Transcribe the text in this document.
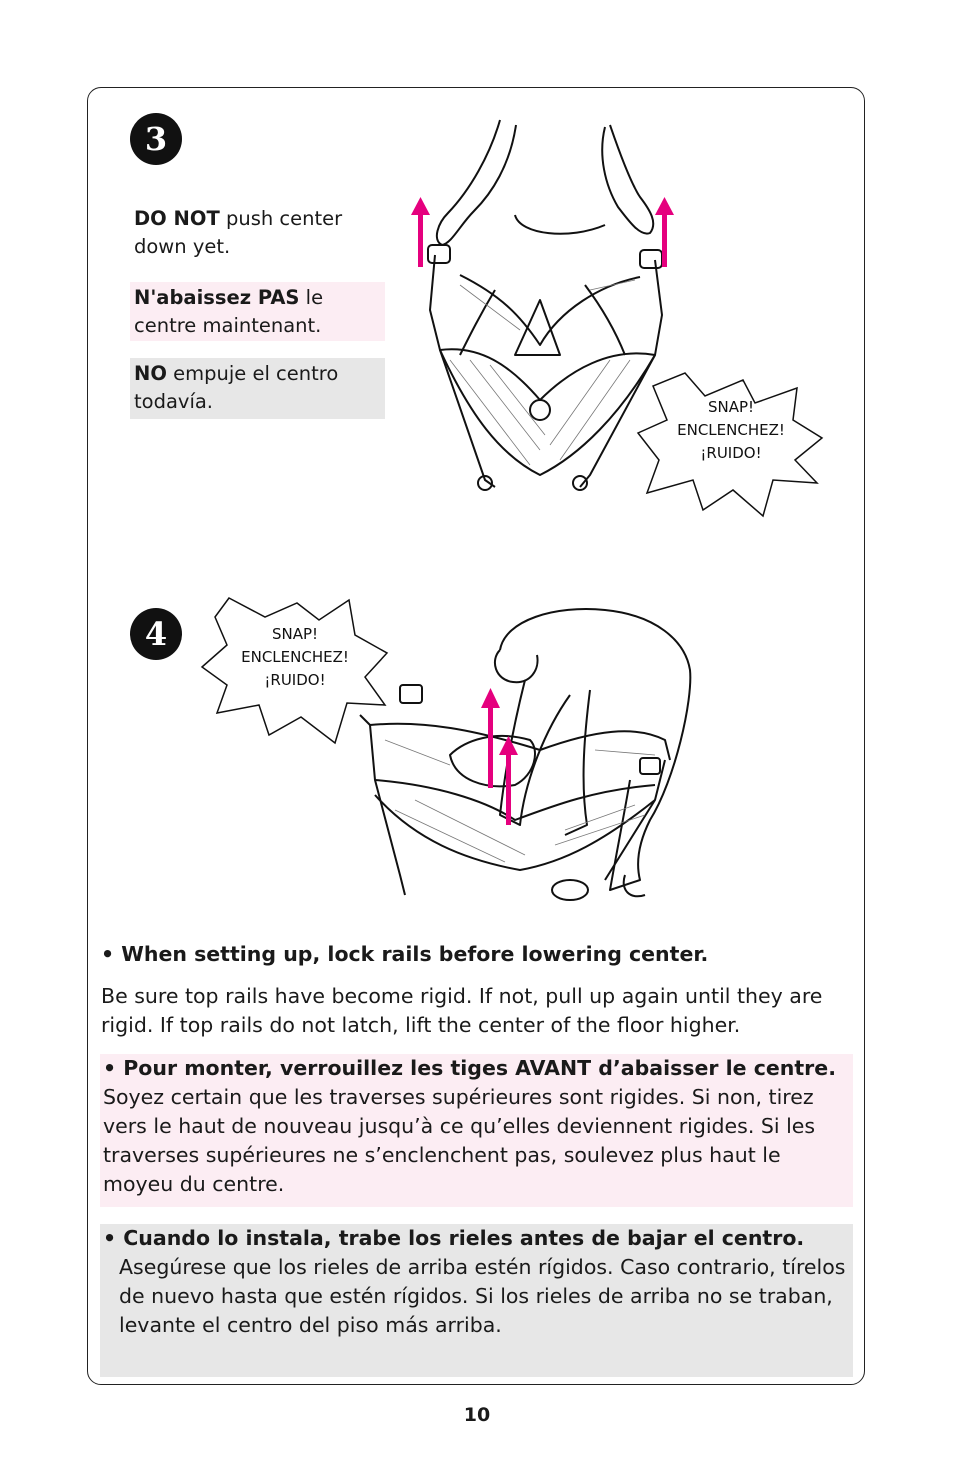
3
DO NOT push center down yet.
N'abaissez PAS le centre maintenant.
NO empuje el centro todavía.	SNAP!
ENCLENCHEZ!
¡RUIDO!
4	SNAP!
ENCLENCHEZ!
¡RUIDO!
• When setting up, lock rails before lowering center.
Be sure top rails have become rigid. If not, pull up again until they are rigid. If top rails do not latch, lift the center of the floor higher.
• Pour monter, verrouillez les tiges AVANT d’abaisser le centre. Soyez certain que les traverses supérieures sont rigides. Si non, tirez vers le haut de nouveau jusqu’à ce qu’elles deviennent rigides. Si les traverses supérieures ne s’enclenchent pas, soulevez plus haut le moyeu du centre.
• Cuando lo instala, trabe los rieles antes de bajar el centro.
Asegúrese que los rieles de arriba estén rígidos. Caso contrario, tírelos de nuevo hasta que estén rígidos. Si los rieles de arriba no se traban, levante el centro del piso más arriba.
10
